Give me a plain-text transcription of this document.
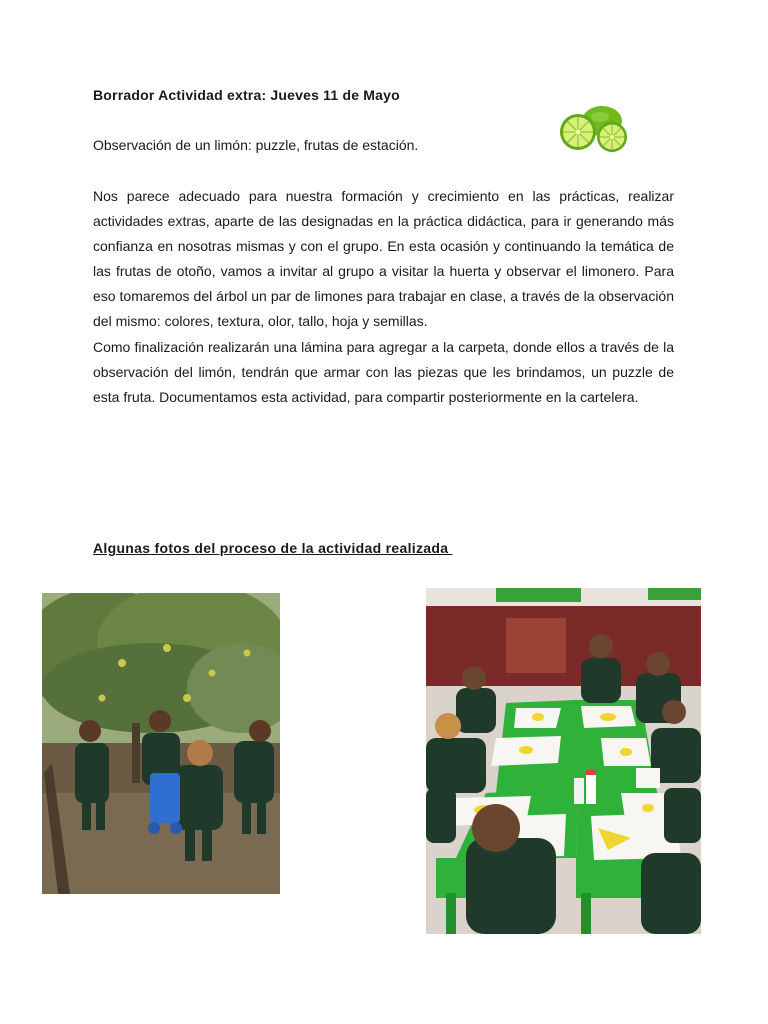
Borrador Actividad extra: Jueves 11 de Mayo
Observación de un limón: puzzle, frutas de estación.

Nos parece adecuado para nuestra formación y crecimiento en las prácticas, realizar actividades extras, aparte de las designadas en la práctica didáctica, para ir generando más confianza en nosotras mismas y con el grupo. En esta ocasión y continuando la temática de las frutas de otoño, vamos a invitar al grupo a visitar la huerta y observar el limonero. Para eso tomaremos del árbol un par de limones para trabajar en clase, a través de la observación del mismo: colores, textura, olor, tallo, hoja y semillas.

Como finalización realizarán una lámina para agregar a la carpeta, donde ellos a través de la observación del limón, tendrán que armar con las piezas que les brindamos, un puzzle de esta fruta. Documentamos esta actividad, para compartir posteriormente en la cartelera.

Algunas fotos del proceso de la actividad realizada
